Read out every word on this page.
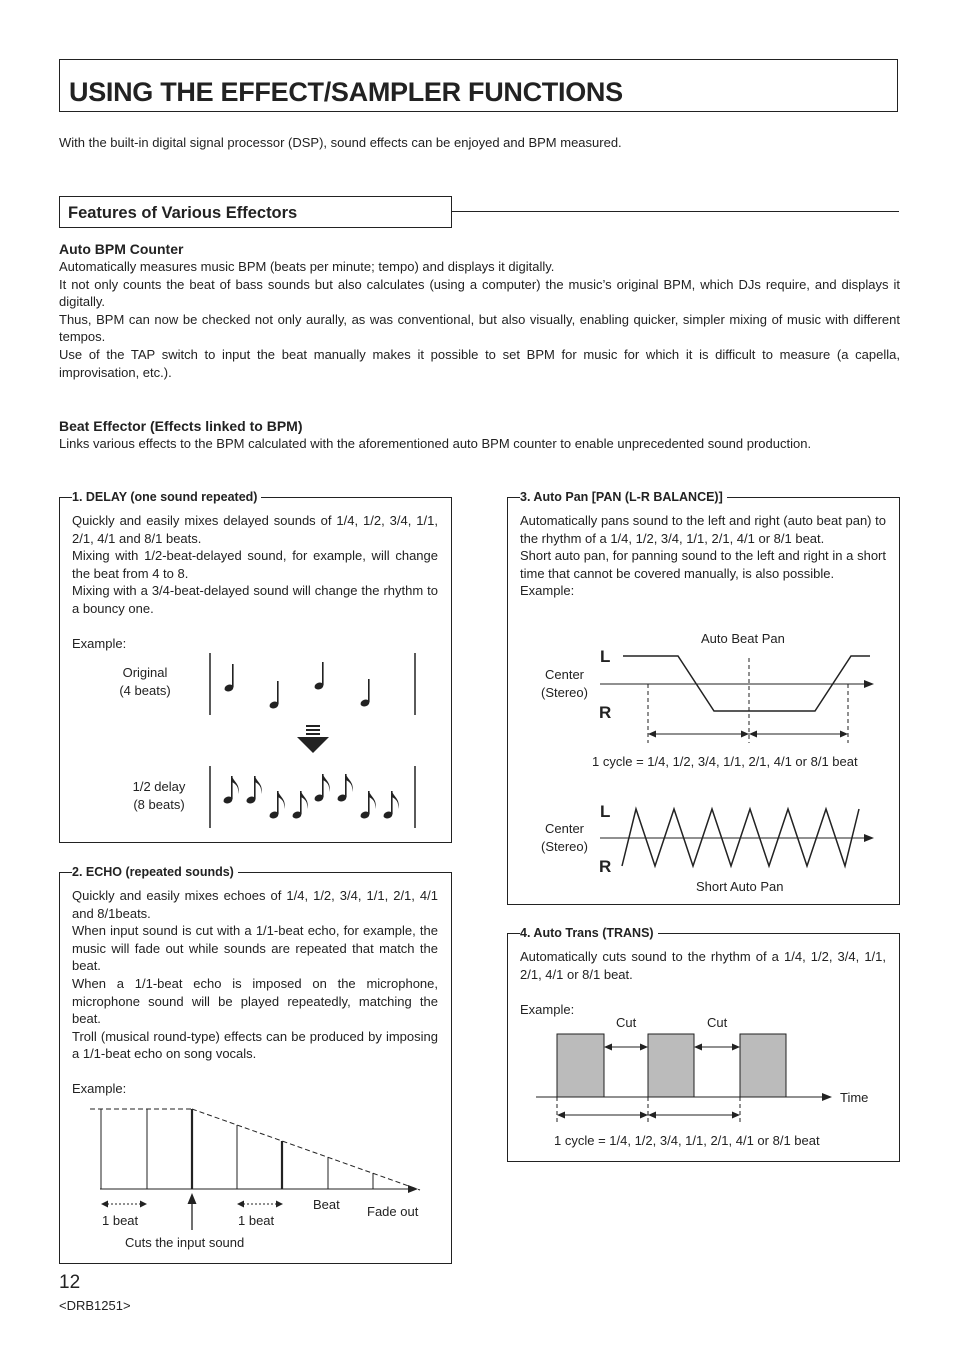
USING THE EFFECT/SAMPLER FUNCTIONS
With the built-in digital signal processor (DSP), sound effects can be enjoyed and BPM measured.
Features of Various Effectors
Auto BPM Counter
Automatically measures music BPM (beats per minute; tempo) and displays it digitally.
It not only counts the beat of bass sounds but also calculates (using a computer) the music’s original BPM, which DJs require, and displays it digitally.
Thus, BPM can now be checked not only aurally, as was conventional, but also visually, enabling quicker, simpler mixing of music with different tempos.
Use of the TAP switch to input the beat manually makes it possible to set BPM for music for which it is difficult to measure (a capella, improvisation, etc.).
Beat Effector (Effects linked to BPM)
Links various effects to the BPM calculated with the aforementioned auto BPM counter to enable unprecedented sound production.
1. DELAY (one sound repeated)
Quickly and easily mixes delayed sounds of 1/4, 1/2, 3/4, 1/1, 2/1, 4/1 and 8/1 beats.
Mixing with 1/2-beat-delayed sound, for example, will change the beat from 4 to 8.
Mixing with a 3/4-beat-delayed sound will change the rhythm to a bouncy one.
Example:
Original
(4 beats)
1/2 delay
(8 beats)
2. ECHO (repeated sounds)
Quickly and easily mixes echoes of 1/4, 1/2, 3/4, 1/1, 2/1, 4/1 and 8/1beats.
When input sound is cut with a 1/1-beat echo, for example, the music will fade out while sounds are repeated that match the beat.
When a 1/1-beat echo is imposed on the microphone, microphone sound will be played repeatedly, matching the beat.
Troll (musical round-type) effects can be produced by imposing a 1/1-beat echo on song vocals.
Example:
1 beat	1 beat
Beat Fade out
Cuts the input sound
3. Auto Pan [PAN (L-R BALANCE)]
Automatically pans sound to the left and right (auto beat pan) to the rhythm of a 1/4, 1/2, 3/4, 1/1, 2/1, 4/1 or 8/1 beat.
Short auto pan, for panning sound to the left and right in a short time that cannot be covered manually, is also possible.
Example:
Auto Beat Pan
Center
(Stereo)
L
R
1 cycle = 1/4, 1/2, 3/4, 1/1, 2/1, 4/1 or 8/1 beat
Center
(Stereo)
L
R
Short Auto Pan
4. Auto Trans (TRANS)
Automatically cuts sound to the rhythm of a 1/4, 1/2, 3/4, 1/1, 2/1, 4/1 or 8/1 beat.
Example:
Cut	Cut
Time
1 cycle = 1/4, 1/2, 3/4, 1/1, 2/1, 4/1 or 8/1 beat
12
<DRB1251>
